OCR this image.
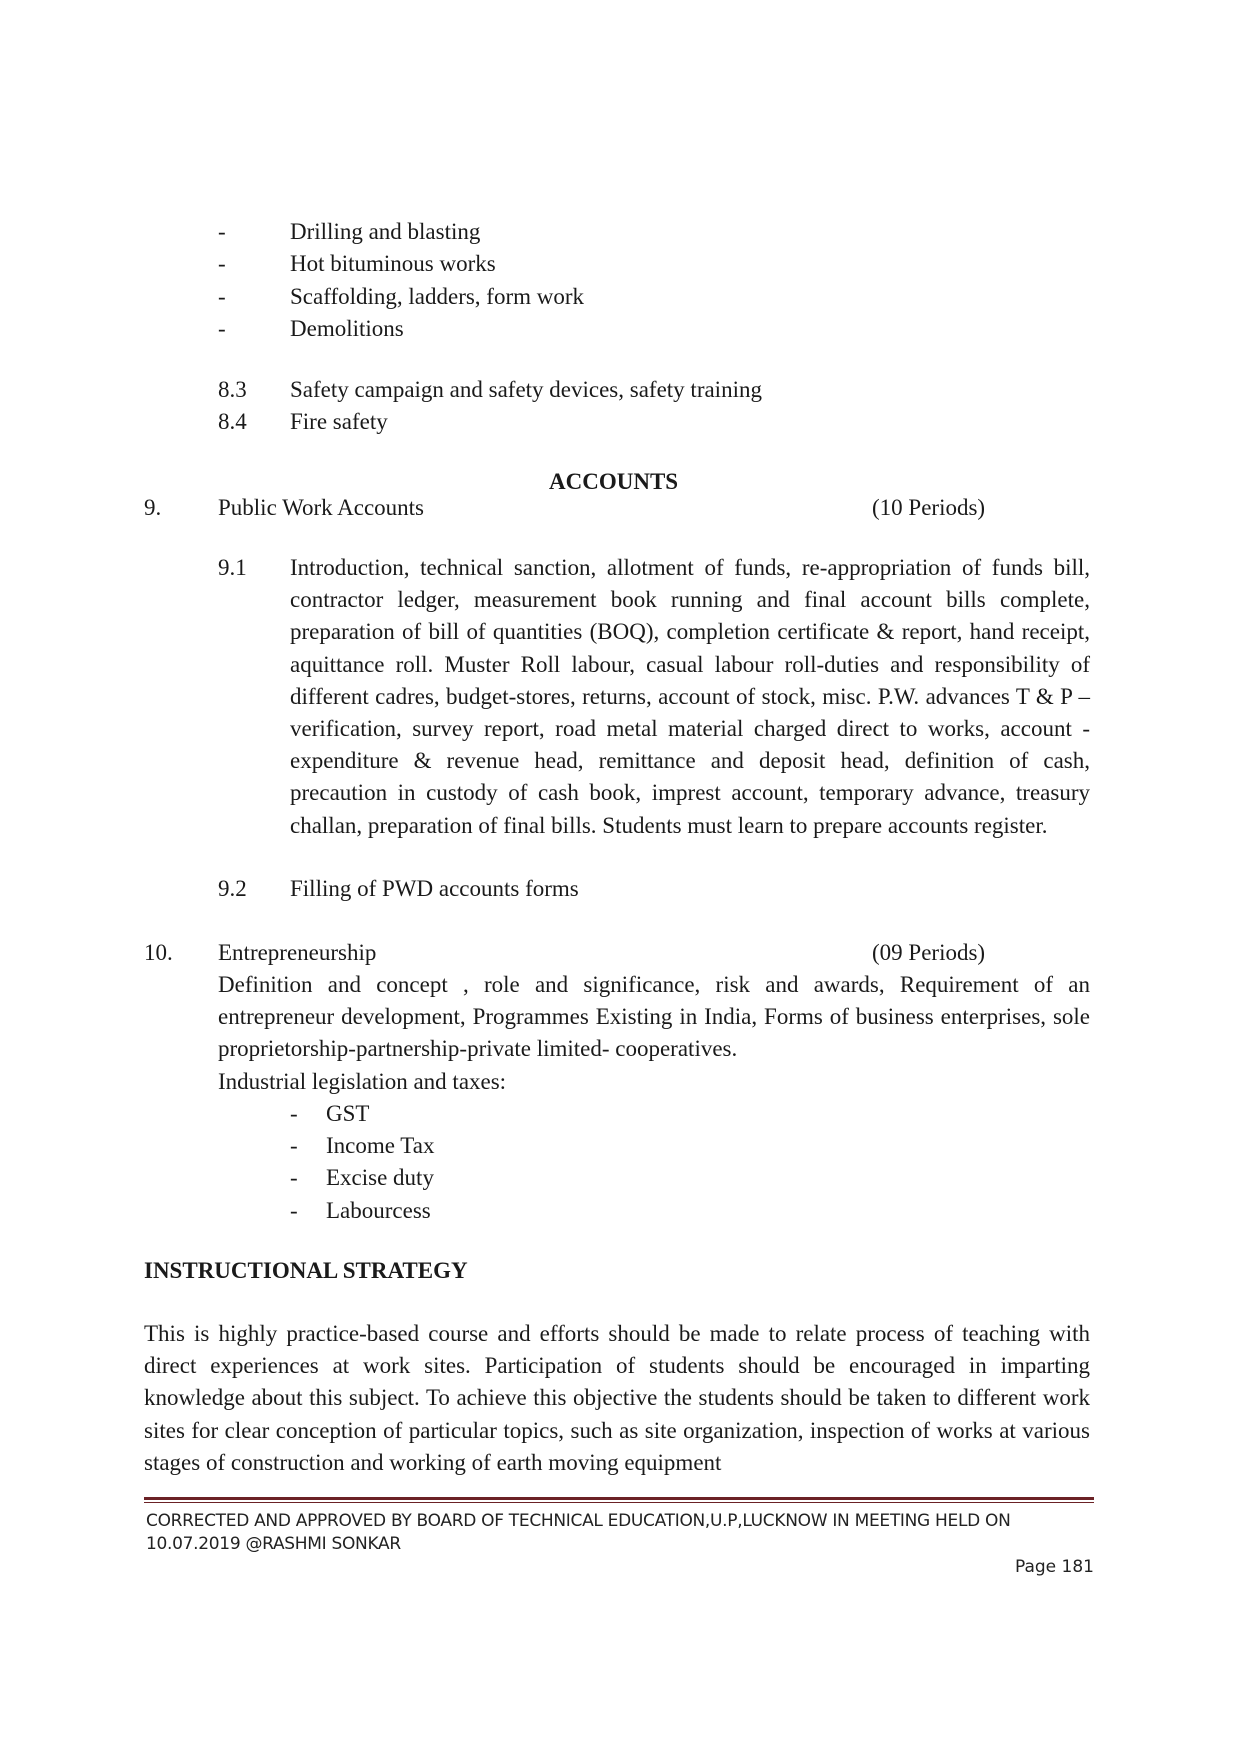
-	Drilling and blasting
-	Hot bituminous works
-	Scaffolding, ladders, form work
-	Demolitions
8.3 Safety campaign and safety devices, safety training
8.4 Fire safety
ACCOUNTS
9. Public Work Accounts	(10 Periods)
9.1 Introduction, technical sanction, allotment of funds, re-appropriation of funds bill, contractor ledger, measurement book running and final account bills complete, preparation of bill of quantities (BOQ), completion certificate & report, hand receipt, aquittance roll. Muster Roll labour, casual labour roll-duties and responsibility of different cadres, budget-stores, returns, account of stock, misc. P.W. advances T & P – verification, survey report, road metal material charged direct to works, account - expenditure & revenue head, remittance and deposit head, definition of cash, precaution in custody of cash book, imprest account, temporary advance, treasury challan, preparation of final bills. Students must learn to prepare accounts register.
9.2 Filling of PWD accounts forms
10. Entrepreneurship	(09 Periods)
Definition and concept , role and significance, risk and awards, Requirement of an entrepreneur development, Programmes Existing in India, Forms of business enterprises, sole proprietorship-partnership-private limited- cooperatives.
Industrial legislation and taxes:
- GST
- Income Tax
- Excise duty
- Labourcess
INSTRUCTIONAL STRATEGY
This is highly practice-based course and efforts should be made to relate process of teaching with direct experiences at work sites. Participation of students should be encouraged in imparting knowledge about this subject. To achieve this objective the students should be taken to different work sites for clear conception of particular topics, such as site organization, inspection of works at various stages of construction and working of earth moving equipment
CORRECTED AND APPROVED BY BOARD OF TECHNICAL EDUCATION,U.P,LUCKNOW IN MEETING HELD ON
10.07.2019 @RASHMI SONKAR
Page 181
